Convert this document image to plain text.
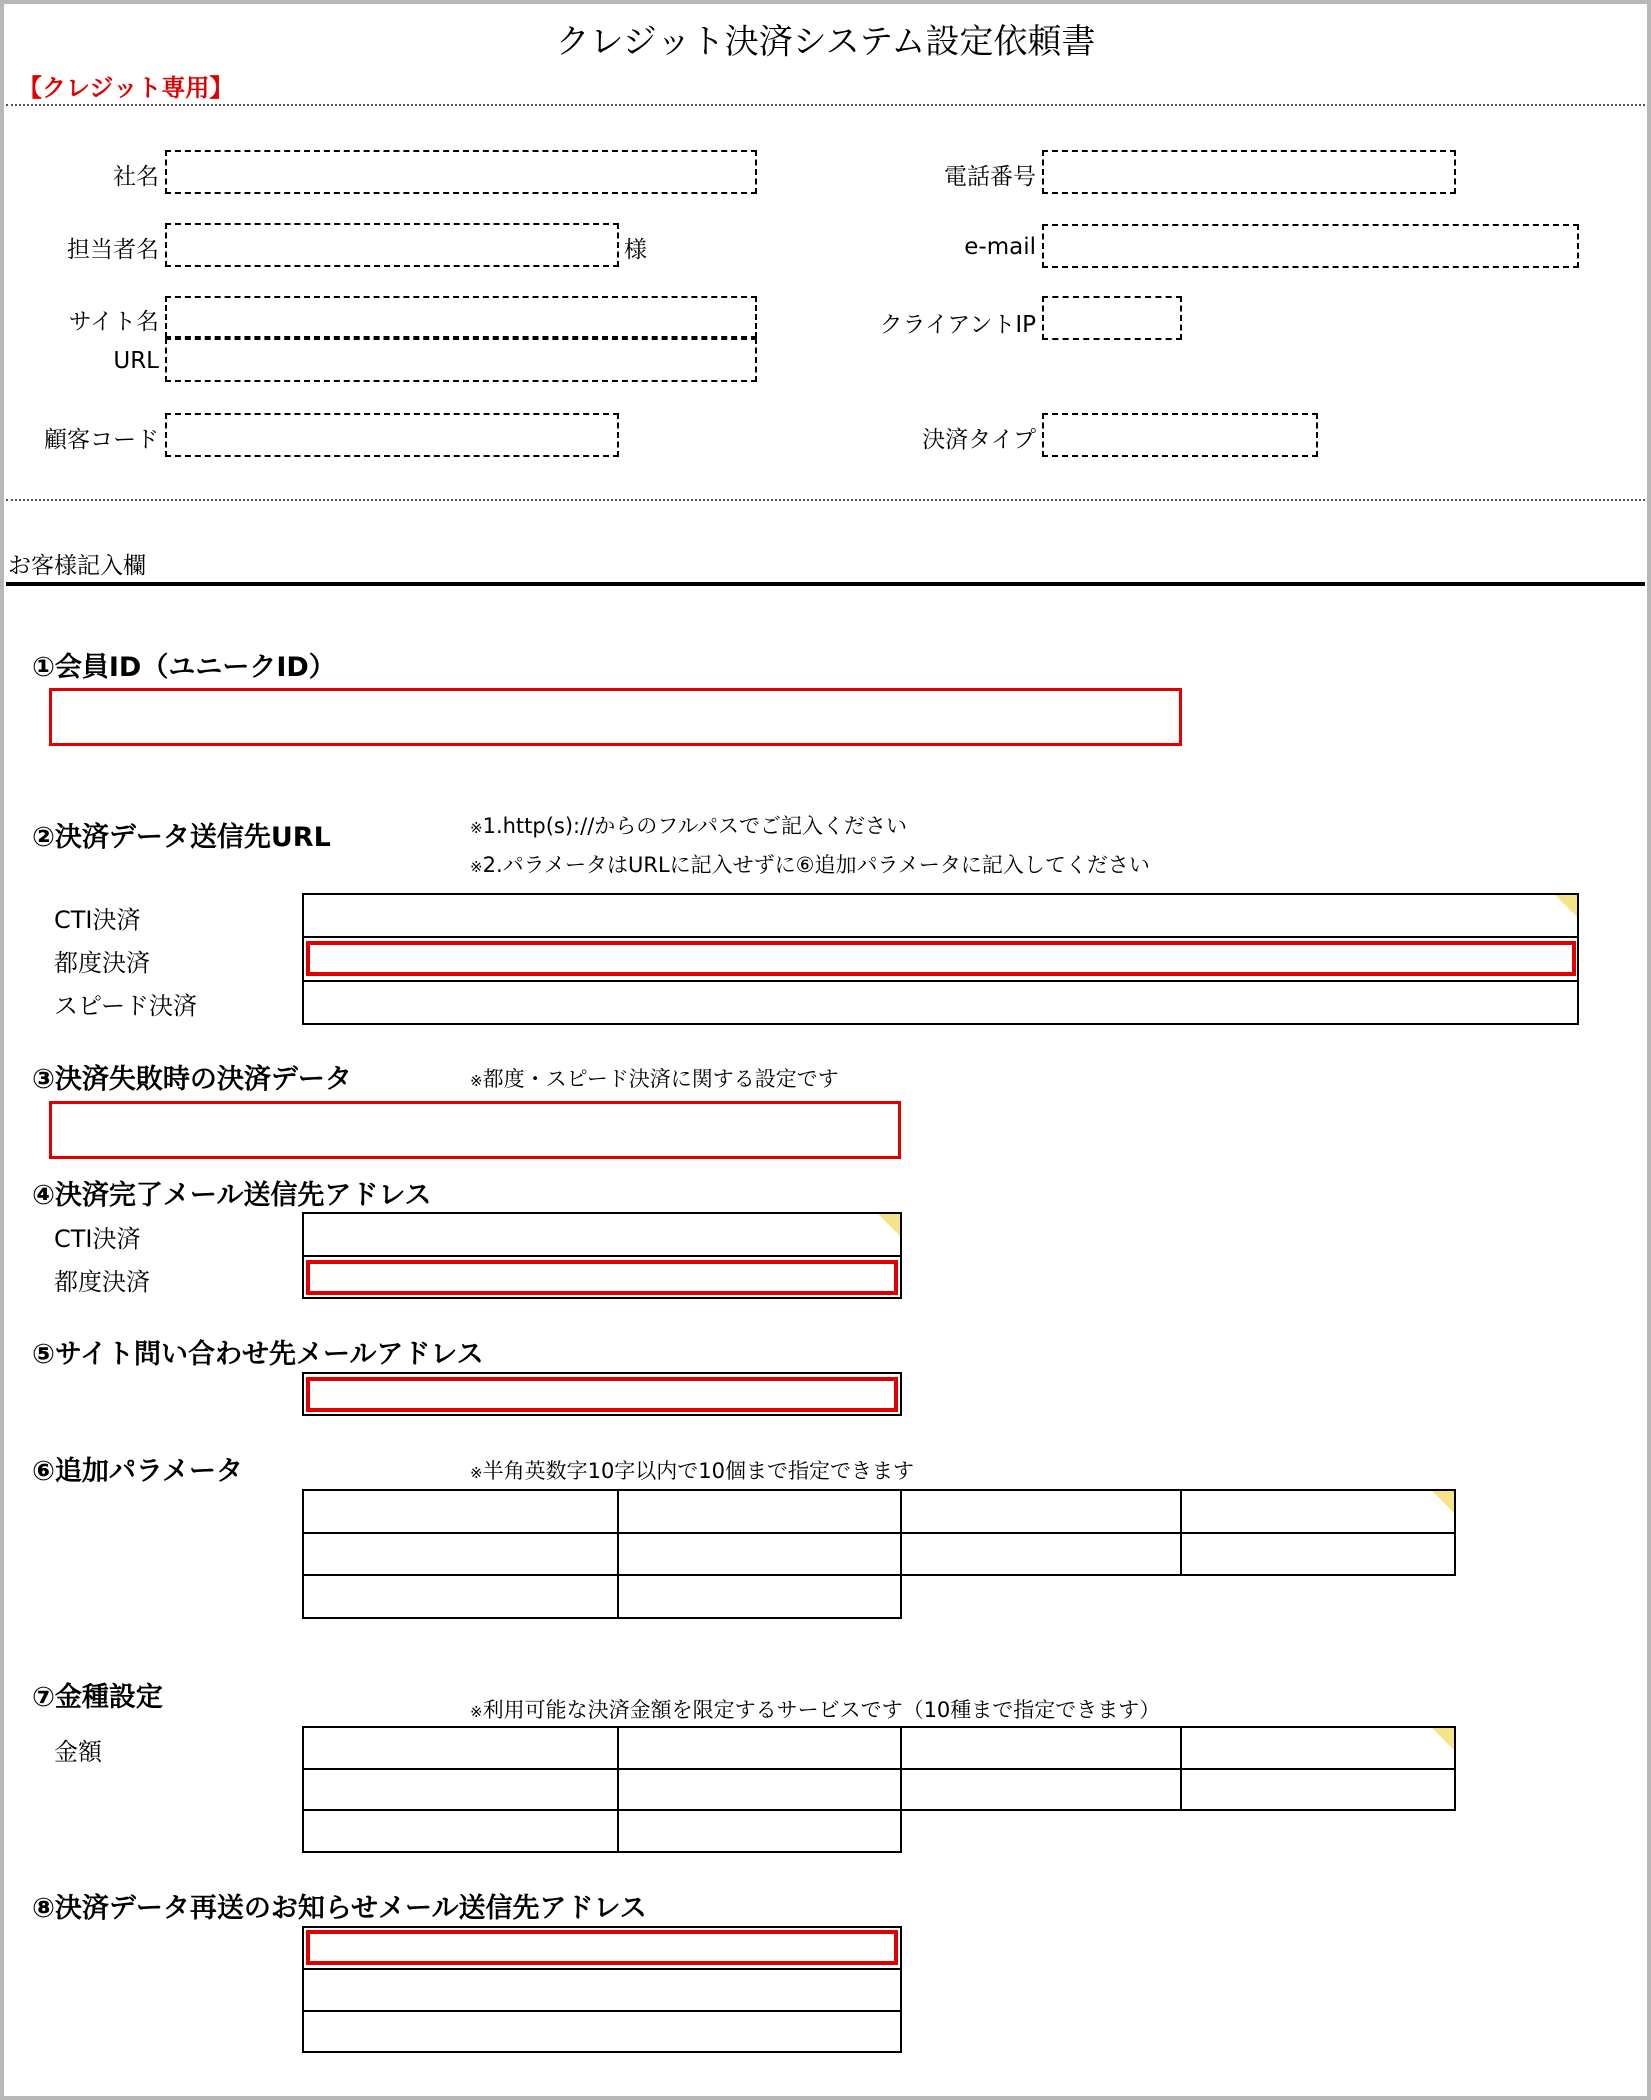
クレジット決済システム設定依頼書
【クレジット専用】
社名
担当者名	様
サイト名
URL
顧客コード
電話番号
e-mail
クライアントIP
決済タイプ
お客様記入欄
①会員ID（ユニークID）
②決済データ送信先URL	※1.http(s)://からのフルパスでご記入ください
※2.パラメータはURLに記入せずに⑥追加パラメータに記入してください
CTI決済
都度決済
スピード決済
③決済失敗時の決済データ	※都度・スピード決済に関する設定です
④決済完了メール送信先アドレス
CTI決済
都度決済
⑤サイト問い合わせ先メールアドレス
⑥追加パラメータ	※半角英数字10字以内で10個まで指定できます
⑦金種設定	※利用可能な決済金額を限定するサービスです（10種まで指定できます）
金額
⑧決済データ再送のお知らせメール送信先アドレス
